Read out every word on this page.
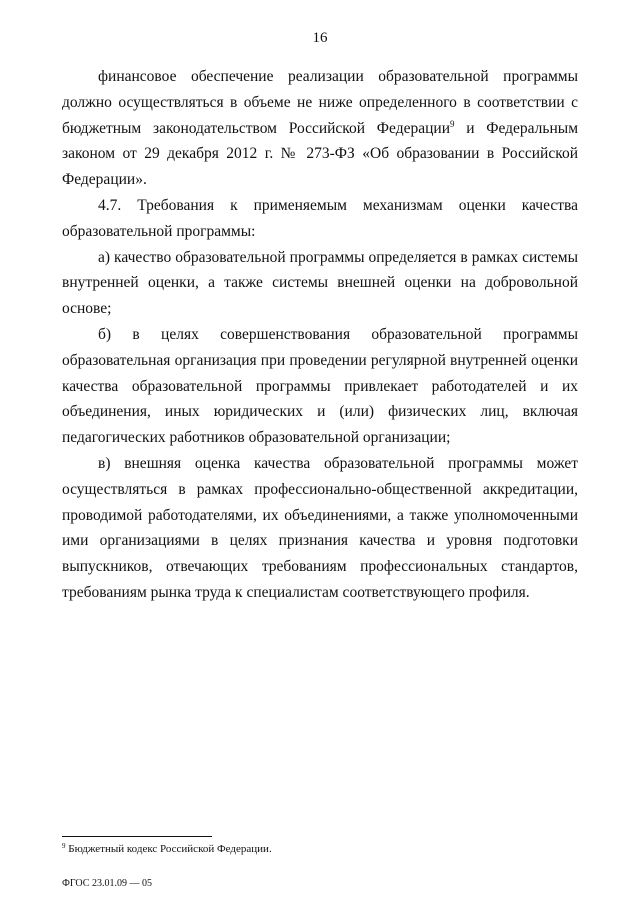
16

финансовое обеспечение реализации образовательной программы должно осуществляться в объеме не ниже определенного в соответствии с бюджетным законодательством Российской Федерации$^9$ и Федеральным законом от 29 декабря 2012 г. № 273-ФЗ «Об образовании в Российской Федерации».

4.7. Требования к применяемым механизмам оценки качества образовательной программы:

а) качество образовательной программы определяется в рамках системы внутренней оценки, а также системы внешней оценки на добровольной основе;

б) в целях совершенствования образовательной программы образовательная организация при проведении регулярной внутренней оценки качества образовательной программы привлекает работодателей и их объединения, иных юридических и (или) физических лиц, включая педагогических работников образовательной организации;

в) внешняя оценка качества образовательной программы может осуществляться в рамках профессионально-общественной аккредитации, проводимой работодателями, их объединениями, а также уполномоченными ими организациями в целях признания качества и уровня подготовки выпускников, отвечающих требованиям профессиональных стандартов, требованиям рынка труда к специалистам соответствующего профиля.

$^9$ Бюджетный кодекс Российской Федерации.
ФГОС 23.01.09 — 05
